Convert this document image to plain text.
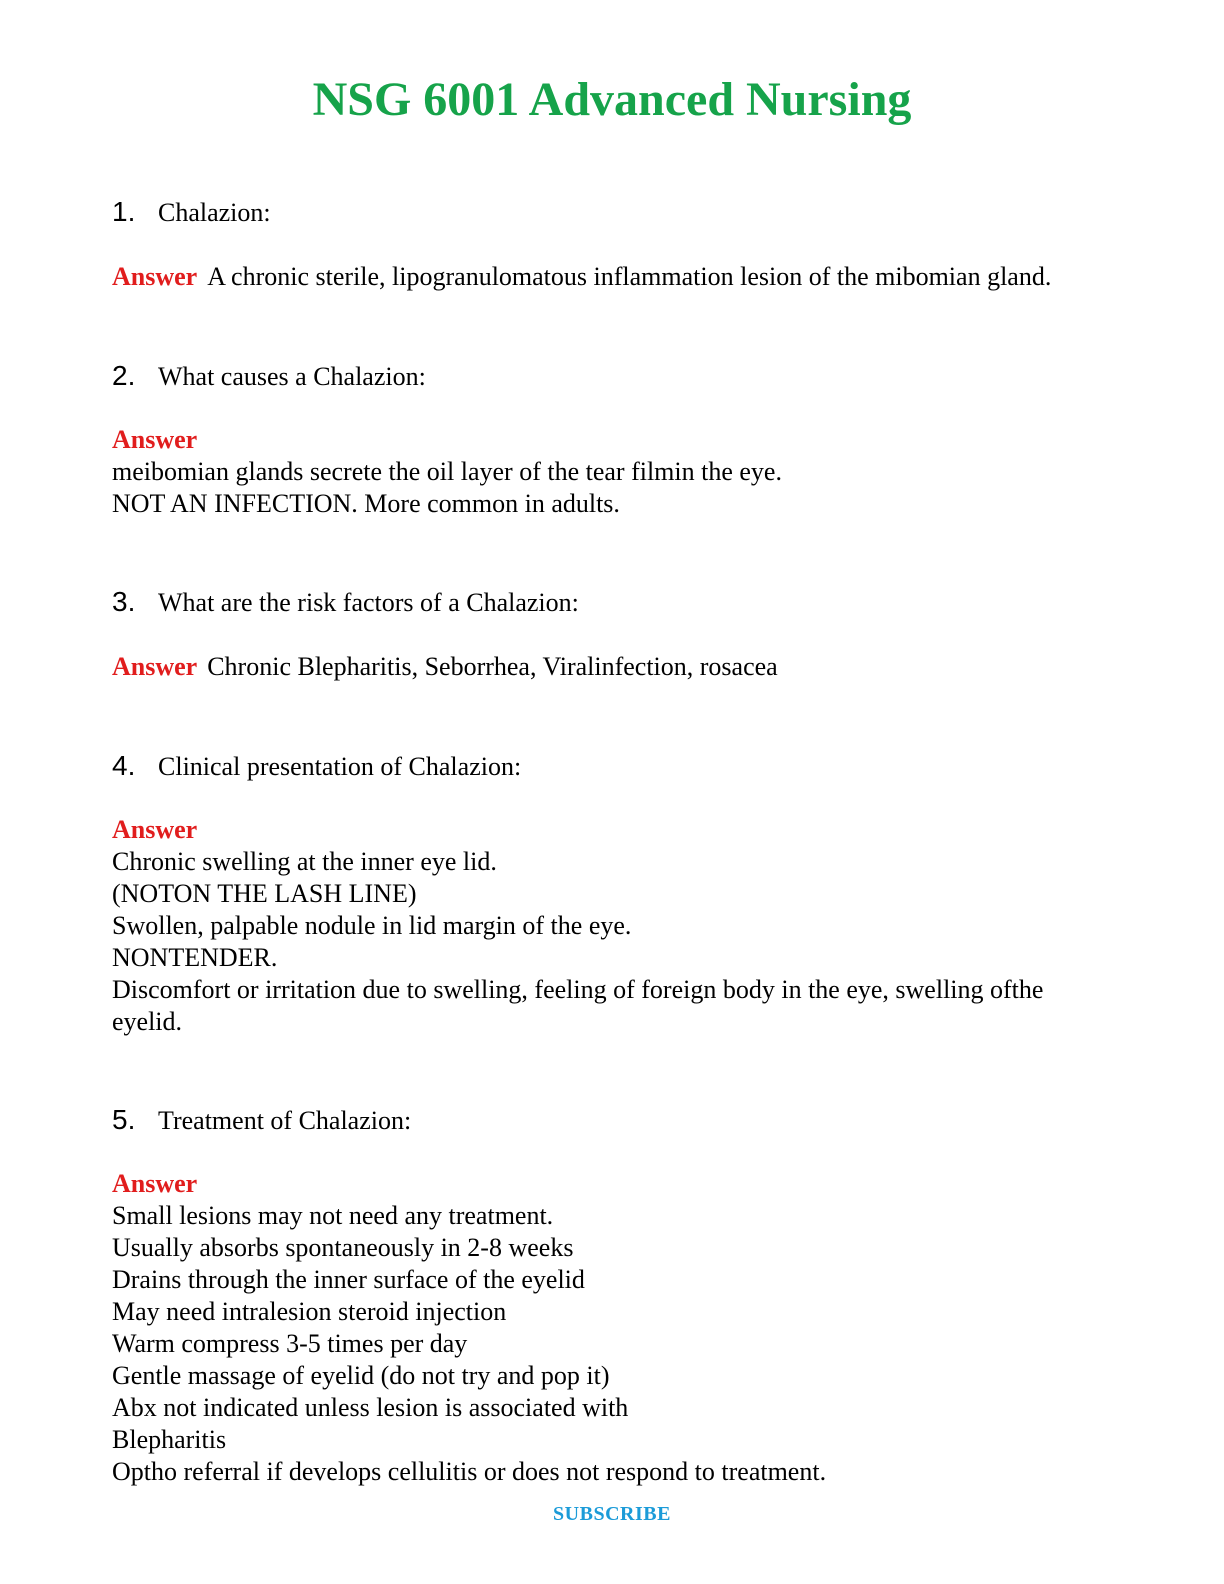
NSG 6001 Advanced Nursing
1. Chalazion:
Answer A chronic sterile, lipogranulomatous inflammation lesion of the mibomian gland.
2. What causes a Chalazion:
Answer
meibomian glands secrete the oil layer of the tear filmin the eye.
NOT AN INFECTION. More common in adults.
3. What are the risk factors of a Chalazion:
Answer Chronic Blepharitis, Seborrhea, Viralinfection, rosacea
4. Clinical presentation of Chalazion:
Answer
Chronic swelling at the inner eye lid.
(NOTON THE LASH LINE)
Swollen, palpable nodule in lid margin of the eye.
NONTENDER.
Discomfort or irritation due to swelling, feeling of foreign body in the eye, swelling ofthe
eyelid.
5. Treatment of Chalazion:
Answer
Small lesions may not need any treatment.
Usually absorbs spontaneously in 2-8 weeks
Drains through the inner surface of the eyelid
May need intralesion steroid injection
Warm compress 3-5 times per day
Gentle massage of eyelid (do not try and pop it)
Abx not indicated unless lesion is associated with
Blepharitis
Optho referral if develops cellulitis or does not respond to treatment.
SUBSCRIBE
